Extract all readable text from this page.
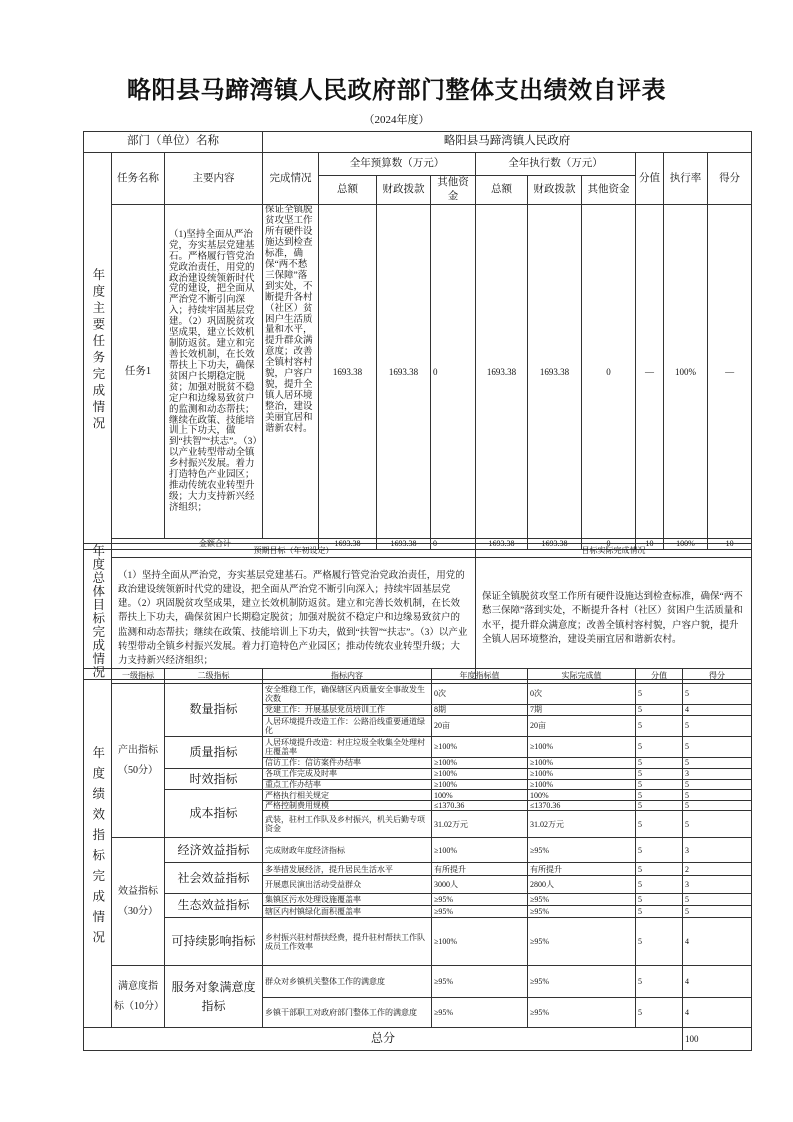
略阳县马蹄湾镇人民政府部门整体支出绩效自评表
（2024年度）
部门（单位）名称			略阳县马蹄湾镇人民政府									
年度主要任务完成情况	任务名称	主要内容	完成情况	全年预算数（万元）			全年执行数（万元）			分值	执行率	得分
				总额	财政拨款	其他资金	总额	财政拨款	其他资金			
	任务1	（1)坚持全面从严治党，夯实基层党建基石。严格履行管党治党政治责任，用党的政治建设统领新时代党的建设，把全面从严治党不断引向深入；持续牢固基层党建。（2）巩固脱贫攻坚成果，建立长效机制防返贫。建立和完善长效机制，在长效帮扶上下功夫，确保贫困户长期稳定脱贫；加强对脱贫不稳定户和边缘易致贫户的监测和动态帮扶；继续在政策、技能培训上下功夫，做到“扶智”“扶志”。（3）以产业转型带动全镇乡村振兴发展。着力打造特色产业园区；推动传统农业转型升级；大力支持新兴经济组织；	保证全镇脱贫攻坚工作所有硬件设施达到检查标准，确保“两不愁三保障”落到实处，不断提升各村（社区）贫困户生活质量和水平，提升群众满意度；改善全镇村容村貌，户容户貌，提升全镇人居环境整治，建设美丽宜居和谐新农村。	1693.38	1693.38	0	1693.38	1693.38	0	—	100%	—
	金额合计			1693.38	1693.38	0	1693.38	1693.38	0	10	100%	10
年度总体目标完成情况	预期目标（年初设定）	目标实际完成情况
	（1）坚持全面从严治党，夯实基层党建基石。严格履行管党治党政治责任，用党的政治建设统领新时代党的建设，把全面从严治党不断引向深入；持续牢固基层党建。（2）巩固脱贫攻坚成果，建立长效机制防返贫。建立和完善长效机制，在长效帮扶上下功夫，确保贫困户长期稳定脱贫；加强对脱贫不稳定户和边缘易致贫户的监测和动态帮扶；继续在政策、技能培训上下功夫，做到“扶智”“扶志”。（3）以产业转型带动全镇乡村振兴发展。着力打造特色产业园区；推动传统农业转型升级；大力支持新兴经济组织；	保证全镇脱贫攻坚工作所有硬件设施达到检查标准，确保“两不愁三保障”落到实处，不断提升各村（社区）贫困户生活质量和水平，提升群众满意度；改善全镇村容村貌，户容户貌，提升全镇人居环境整治，建设美丽宜居和谐新农村。
年度绩效指标完成情况	一级指标	二级指标	指标内容	年度指标值	实际完成值	分值	得分	
	产出指标（50分）	数量指标	安全维稳工作，确保辖区内质量安全事故发生次数	0次	0次	5	5	
			党建工作：开展基层党员培训工作	8期	7期	5	4	
			人居环境提升改造工作：公路沿线重要通道绿化	20亩	20亩	5	5	
		质量指标	人居环境提升改造：村庄垃圾全收集全处理村庄覆盖率	≥100%	≥100%	5	5	
			信访工作：信访案件办结率	≥100%	≥100%	5	5	
		时效指标	各项工作完成及时率	≥100%	≥100%	5	3	
			重点工作办结率	≥100%	≥100%	5	5	
		成本指标	严格执行相关规定	100%	100%	5	5	
			严格控制费用规模	≤1370.36	≤1370.36	5	5	
			武装，驻村工作队及乡村振兴，机关后勤专项资金	31.02万元	31.02万元	5	5	
	效益指标（30分）	经济效益指标	完成财政年度经济指标	≥100%	≥95%	5	3	
		社会效益指标	多举措发展经济，提升居民生活水平	有所提升	有所提升	5	2	
			开展惠民演出活动受益群众	3000人	2800人	5	3	
		生态效益指标	集镇区污水处理设施覆盖率	≥95%	≥95%	5	5	
			辖区内村镇绿化面积覆盖率	≥95%	≥95%	5	5	
		可持续影响指标	乡村振兴驻村帮扶经费，提升驻村帮扶工作队成员工作效率	≥100%	≥95%	5	4	
	满意度指标（10分）	服务对象满意度指标	群众对乡镇机关整体工作的满意度	≥95%	≥95%	5	4	
			乡镇干部职工对政府部门整体工作的满意度	≥95%	≥95%	5	4	
总分							100	
